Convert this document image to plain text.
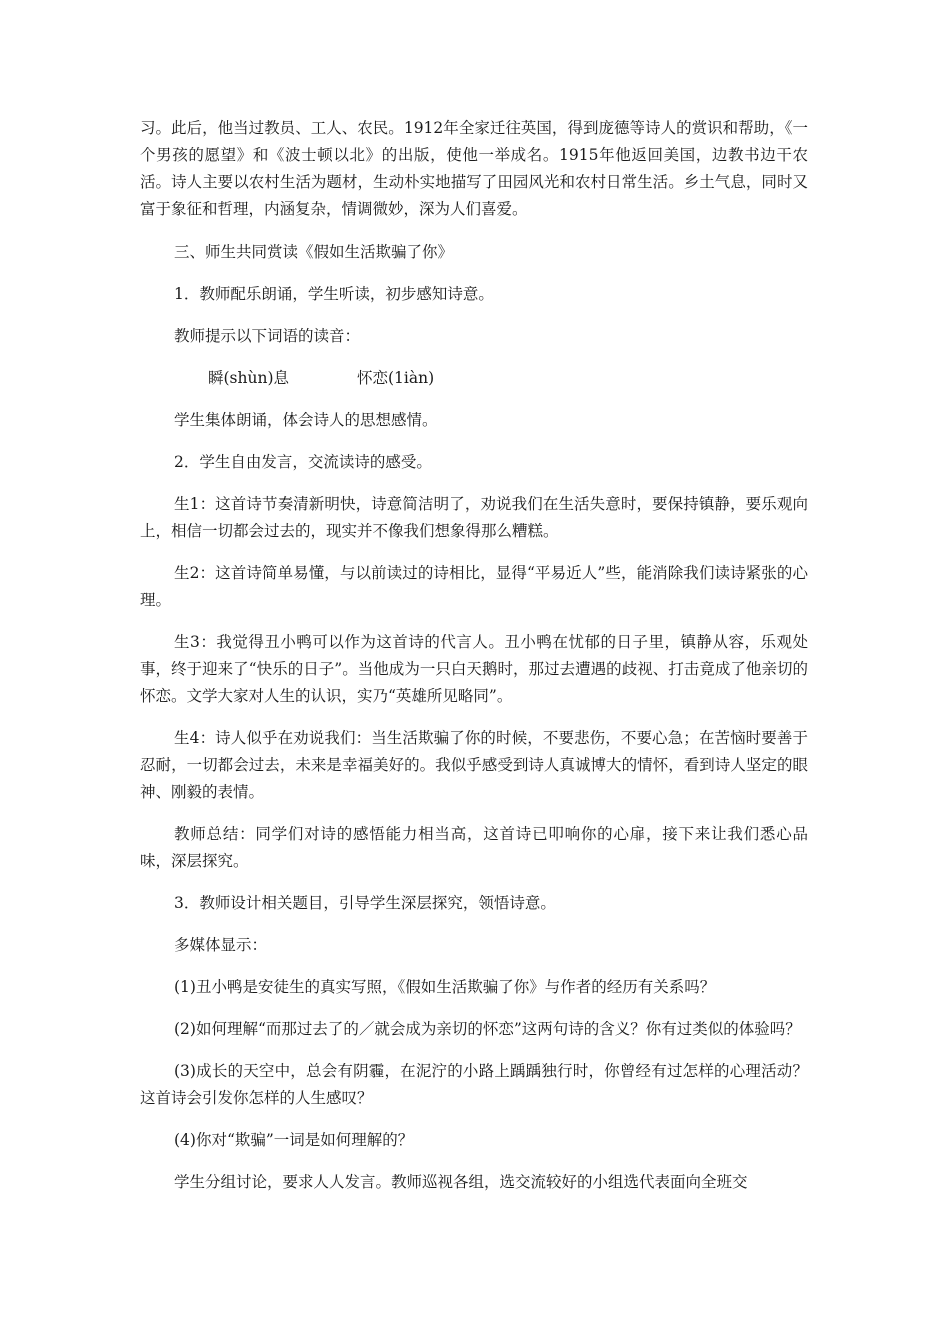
习。此后，他当过教员、工人、农民。1912年全家迁往英国，得到庞德等诗人的赏识和帮助，《一个男孩的愿望》和《波士顿以北》的出版，使他一举成名。1915年他返回美国，边教书边干农活。诗人主要以农村生活为题材，生动朴实地描写了田园风光和农村日常生活。乡土气息，同时又富于象征和哲理，内涵复杂，情调微妙，深为人们喜爱。

三、师生共同赏读《假如生活欺骗了你》

1．教师配乐朗诵，学生听读，初步感知诗意。

教师提示以下词语的读音：

瞬(shùn)息	怀恋(1iàn)

学生集体朗诵，体会诗人的思想感情。

2．学生自由发言，交流读诗的感受。

生1：这首诗节奏清新明快，诗意简洁明了，劝说我们在生活失意时，要保持镇静，要乐观向上，相信一切都会过去的，现实并不像我们想象得那么糟糕。

生2：这首诗简单易懂，与以前读过的诗相比，显得“平易近人”些，能消除我们读诗紧张的心理。

生3：我觉得丑小鸭可以作为这首诗的代言人。丑小鸭在忧郁的日子里，镇静从容，乐观处事，终于迎来了“快乐的日子”。当他成为一只白天鹅时，那过去遭遇的歧视、打击竟成了他亲切的怀恋。文学大家对人生的认识，实乃“英雄所见略同”。

生4：诗人似乎在劝说我们：当生活欺骗了你的时候，不要悲伤，不要心急；在苦恼时要善于忍耐，一切都会过去，未来是幸福美好的。我似乎感受到诗人真诚博大的情怀，看到诗人坚定的眼神、刚毅的表情。

教师总结：同学们对诗的感悟能力相当高，这首诗已叩响你的心扉，接下来让我们悉心品味，深层探究。

3．教师设计相关题目，引导学生深层探究，领悟诗意。

多媒体显示：

(1)丑小鸭是安徒生的真实写照，《假如生活欺骗了你》与作者的经历有关系吗？

(2)如何理解“而那过去了的／就会成为亲切的怀恋”这两句诗的含义？你有过类似的体验吗？

(3)成长的天空中，总会有阴霾，在泥泞的小路上踽踽独行时，你曾经有过怎样的心理活动？这首诗会引发你怎样的人生感叹？

(4)你对“欺骗”一词是如何理解的？

学生分组讨论，要求人人发言。教师巡视各组，选交流较好的小组选代表面向全班交
